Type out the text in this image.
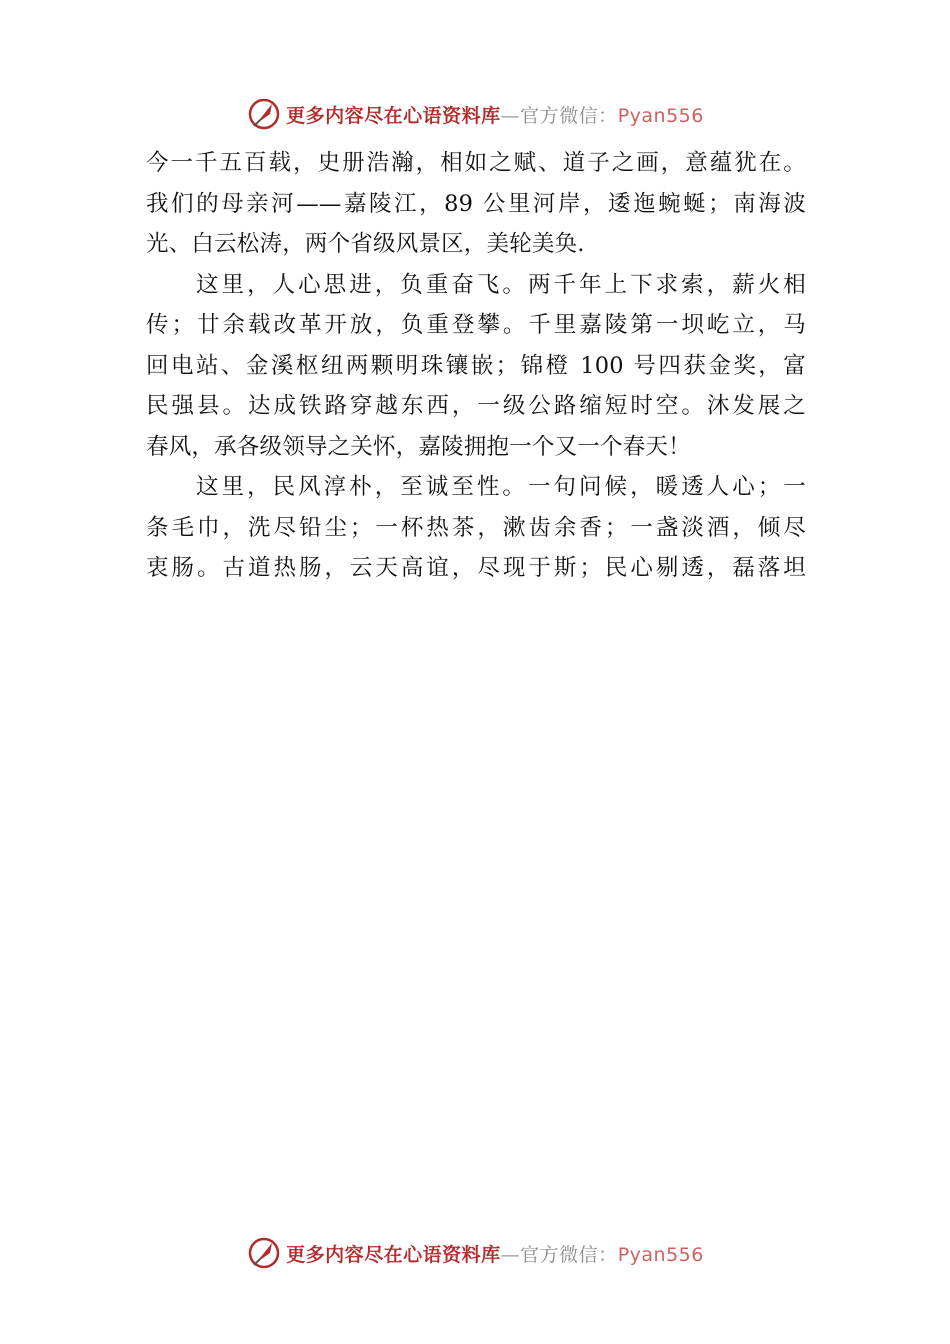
更多内容尽在心语资料库—官方微信：Pyan556
今一千五百载，史册浩瀚，相如之赋、道子之画，意蕴犹在。
我们的母亲河——嘉陵江，89 公里河岸，逶迤蜿蜒；南海波
光、白云松涛，两个省级风景区，美轮美奂.
这里，人心思进，负重奋飞。两千年上下求索，薪火相
传；廿余载改革开放，负重登攀。千里嘉陵第一坝屹立，马
回电站、金溪枢纽两颗明珠镶嵌；锦橙 100 号四获金奖，富
民强县。达成铁路穿越东西，一级公路缩短时空。沐发展之
春风，承各级领导之关怀，嘉陵拥抱一个又一个春天！
这里，民风淳朴，至诚至性。一句问候，暖透人心；一
条毛巾，洗尽铅尘；一杯热茶，漱齿余香；一盏淡酒，倾尽
衷肠。古道热肠，云天高谊，尽现于斯；民心剔透，磊落坦
更多内容尽在心语资料库—官方微信：Pyan556
